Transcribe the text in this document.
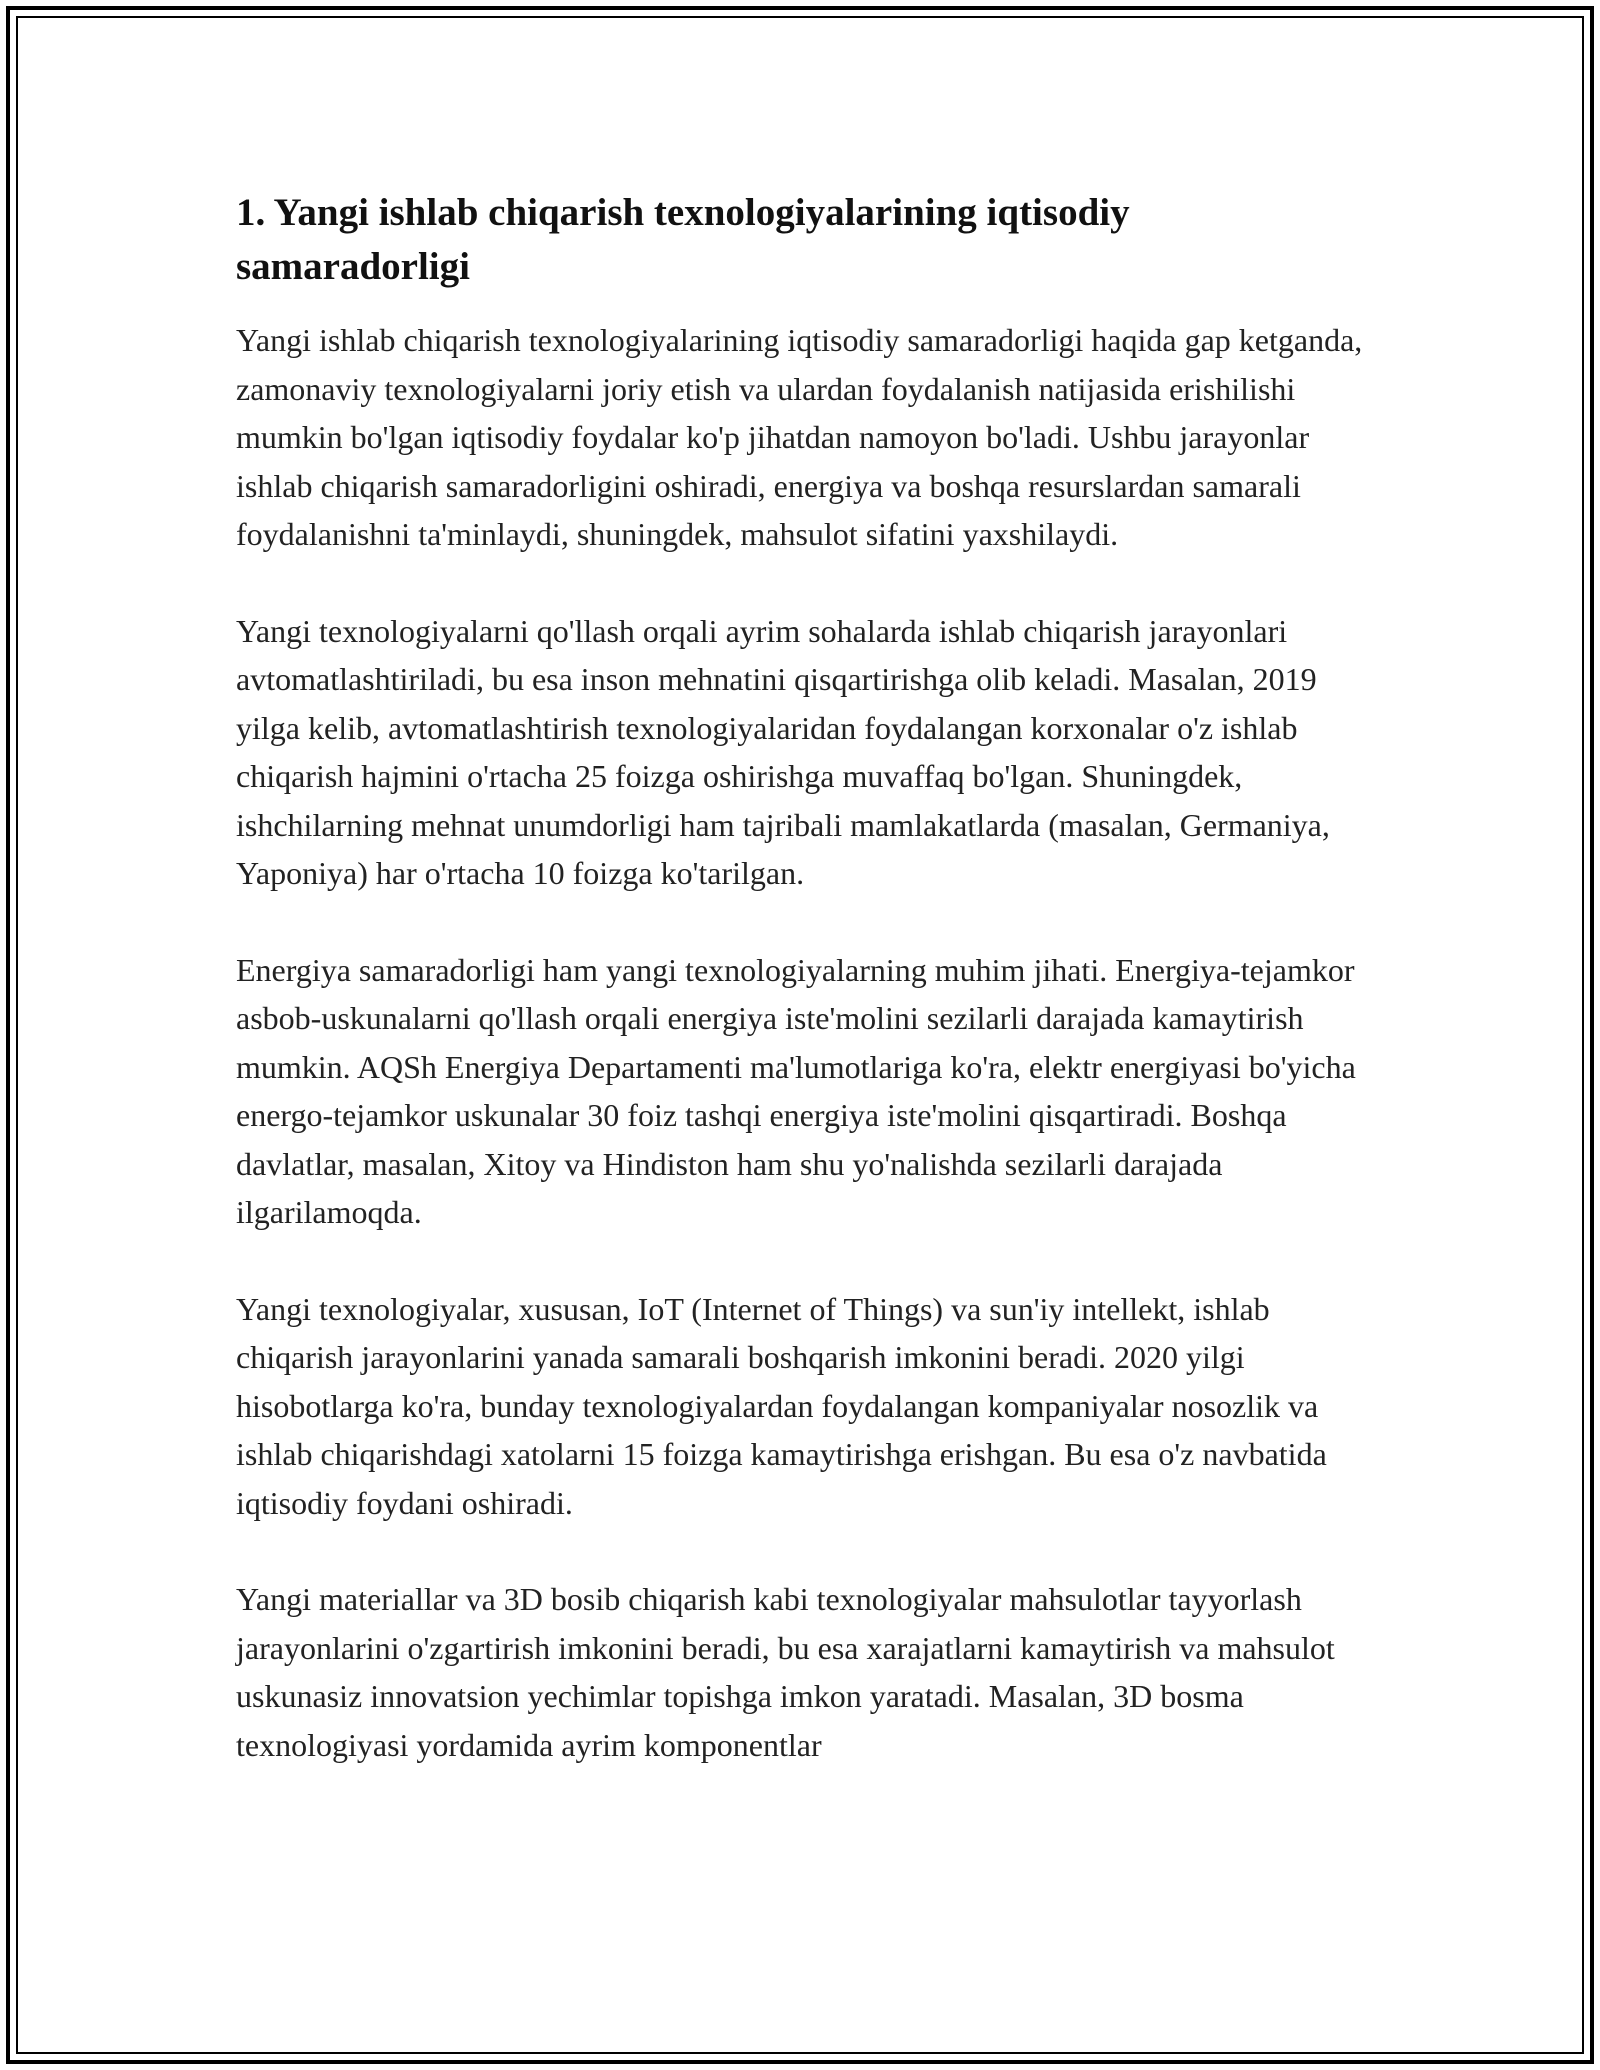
1. Yangi ishlab chiqarish texnologiyalarining iqtisodiy samaradorligi

Yangi ishlab chiqarish texnologiyalarining iqtisodiy samaradorligi haqida gap ketganda, zamonaviy texnologiyalarni joriy etish va ulardan foydalanish natijasida erishilishi mumkin bo'lgan iqtisodiy foydalar ko'p jihatdan namoyon bo'ladi. Ushbu jarayonlar ishlab chiqarish samaradorligini oshiradi, energiya va boshqa resurslardan samarali foydalanishni ta'minlaydi, shuningdek, mahsulot sifatini yaxshilaydi.

Yangi texnologiyalarni qo'llash orqali ayrim sohalarda ishlab chiqarish jarayonlari avtomatlashtiriladi, bu esa inson mehnatini qisqartirishga olib keladi. Masalan, 2019 yilga kelib, avtomatlashtirish texnologiyalaridan foydalangan korxonalar o'z ishlab chiqarish hajmini o'rtacha 25 foizga oshirishga muvaffaq bo'lgan. Shuningdek, ishchilarning mehnat unumdorligi ham tajribali mamlakatlarda (masalan, Germaniya, Yaponiya) har o'rtacha 10 foizga ko'tarilgan.

Energiya samaradorligi ham yangi texnologiyalarning muhim jihati. Energiya-tejamkor asbob-uskunalarni qo'llash orqali energiya iste'molini sezilarli darajada kamaytirish mumkin. AQSh Energiya Departamenti ma'lumotlariga ko'ra, elektr energiyasi bo'yicha energo-tejamkor uskunalar 30 foiz tashqi energiya iste'molini qisqartiradi. Boshqa davlatlar, masalan, Xitoy va Hindiston ham shu yo'nalishda sezilarli darajada ilgarilamoqda.

Yangi texnologiyalar, xususan, IoT (Internet of Things) va sun'iy intellekt, ishlab chiqarish jarayonlarini yanada samarali boshqarish imkonini beradi. 2020 yilgi hisobotlarga ko'ra, bunday texnologiyalardan foydalangan kompaniyalar nosozlik va ishlab chiqarishdagi xatolarni 15 foizga kamaytirishga erishgan. Bu esa o'z navbatida iqtisodiy foydani oshiradi.

Yangi materiallar va 3D bosib chiqarish kabi texnologiyalar mahsulotlar tayyorlash jarayonlarini o'zgartirish imkonini beradi, bu esa xarajatlarni kamaytirish va mahsulot uskunasiz innovatsion yechimlar topishga imkon yaratadi. Masalan, 3D bosma texnologiyasi yordamida ayrim komponentlar
